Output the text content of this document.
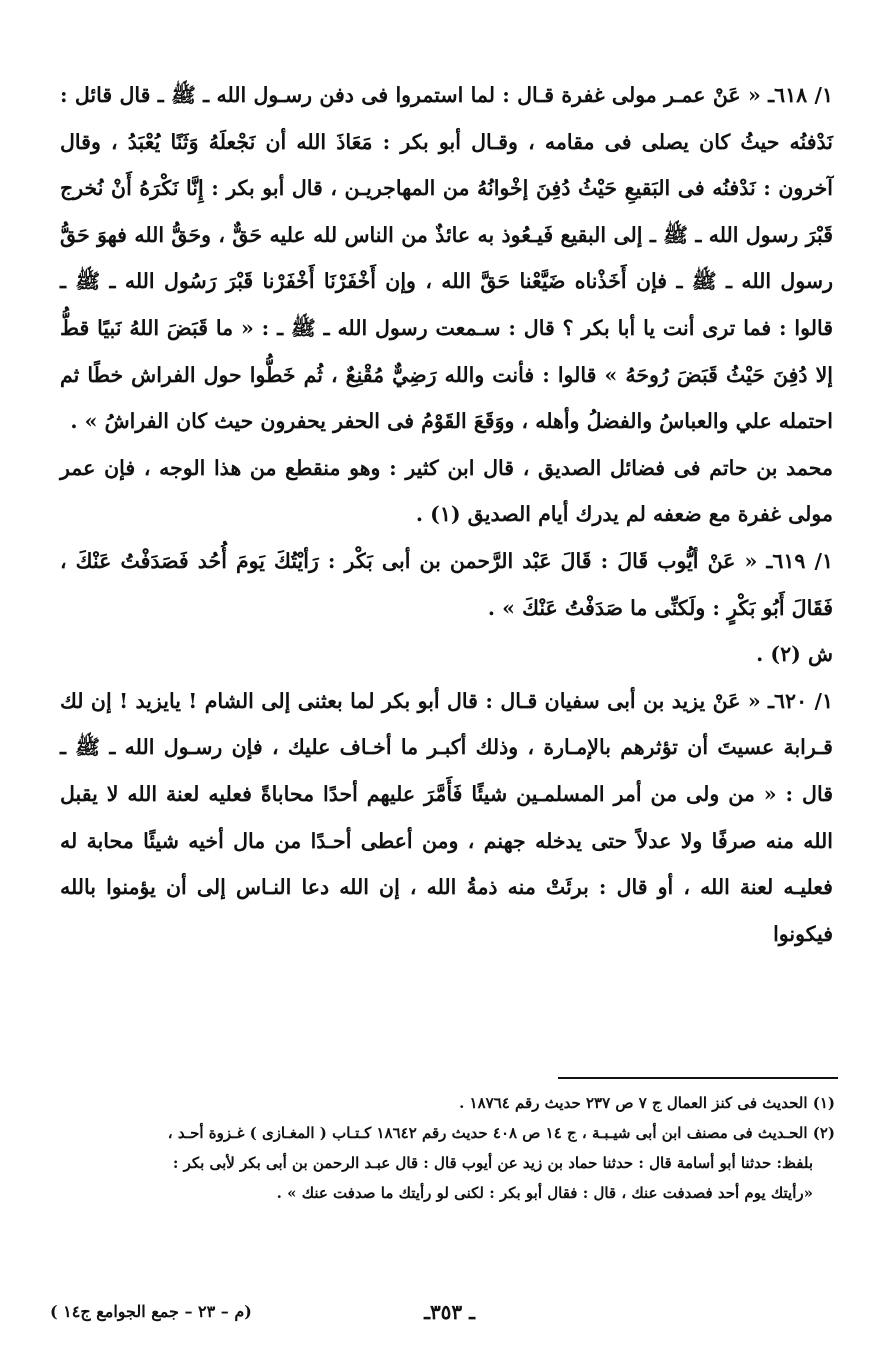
١/ ٦١٨ـ « عَنْ عمـر مولى غفرة قـال : لما استمروا فى دفن رسـول الله ـ ﷺ ـ قال قائل : نَدْفنُه حيثُ كان يصلى فى مقامه ، وقـال أبو بكر : مَعَاذَ الله أن نَجْعلَهُ وَثَنًا يُعْبَدُ ، وقال آخرون : نَدْفنُه فى البَقيعِ حَيْثُ دُفِنَ إخْوانُهُ من المهاجريـن ، قال أبو بكر : إِنَّا نَكْرَهُ أَنْ نُخرج قَبْرَ رسول الله ـ ﷺ ـ إلى البقيع فَيـعُوذ به عائذٌ من الناس لله عليه حَقٌّ ، وحَقُّ الله فهوَ حَقُّ رسول الله ـ ﷺ ـ فإن أَخَذْناه ضَيَّعْنا حَقَّ الله ، وإن أَخْفَرْنَا أَخْفَرْنا قَبْرَ رَسُول الله ـ ﷺ ـ قالوا : فما ترى أنت يا أبا بكر ؟ قال : سـمعت رسول الله ـ ﷺ ـ : « ما قَبَضَ اللهُ نَبيًا قطُّ إلا دُفِنَ حَيْثُ قَبَضَ رُوحَهُ » قالوا : فأنت والله رَضِيٌّ مُقْنِعٌ ، ثُم خَطُّوا حول الفراش خطًا ثم احتمله علي والعباسُ والفضلُ وأهله ، ووَقَعَ القَوْمُ فى الحفر يحفرون حيث كان الفراشُ » .

محمد بن حاتم فى فضائل الصديق ، قال ابن كثير : وهو منقطع من هذا الوجه ، فإن عمر مولى غفرة مع ضعفه لم يدرك أيام الصديق (١) .

١/ ٦١٩ـ « عَنْ أيُّوب قَالَ : قَالَ عَبْد الرَّحمن بن أبى بَكْر : رَأيْتُكَ يَومَ أُحُد فَصَدَفْتُ عَنْكَ ، فَقَالَ أَبُو بَكْرٍ : ولَكنِّى ما صَدَفْتُ عَنْكَ » .

ش (٢) .

١/ ٦٢٠ـ « عَنْ يزيد بن أبى سفيان قـال : قال أبو بكر لما بعثنى إلى الشام ! يايزيد ! إن لك قـرابة عسيتَ أن تؤثرهم بالإمـارة ، وذلك أكبـر ما أخـاف عليك ، فإن رسـول الله ـ ﷺ ـ قال : « من ولى من أمر المسلمـين شيئًا فَأَمَّرَ عليهم أحدًا محاباةً فعليه لعنة الله لا يقبل الله منه صرفًا ولا عدلاً حتى يدخله جهنم ، ومن أعطى أحـدًا من مال أخيه شيئًا محابة له فعليـه لعنة الله ، أو قال : برئَتْ منه ذمةُ الله ، إن الله دعا النـاس إلى أن يؤمنوا بالله فيكونوا

(١) الحديث فى كنز العمال ج ٧ ص ٢٣٧ حديث رقم ١٨٧٦٤ .

(٢) الحـديث فى مصنف ابن أبى شيـبـة ، ج ١٤ ص ٤٠٨ حديث رقم ١٨٦٤٢ كـتـاب ( المغـازى ) غـزوة أحـد ،

بلفظ: حدثنا أبو أسامة قال : حدثنا حماد بن زيد عن أيوب قال : قال عبـد الرحمن بن أبى بكر لأبى بكر :

«رأيتك يوم أحد فصدفت عنك ، قال : فقال أبو بكر : لكنى لو رأيتك ما صدفت عنك » .

ـ ٣٥٣ـ
(م – ٢٣ – جمع الجوامع ج١٤ )
